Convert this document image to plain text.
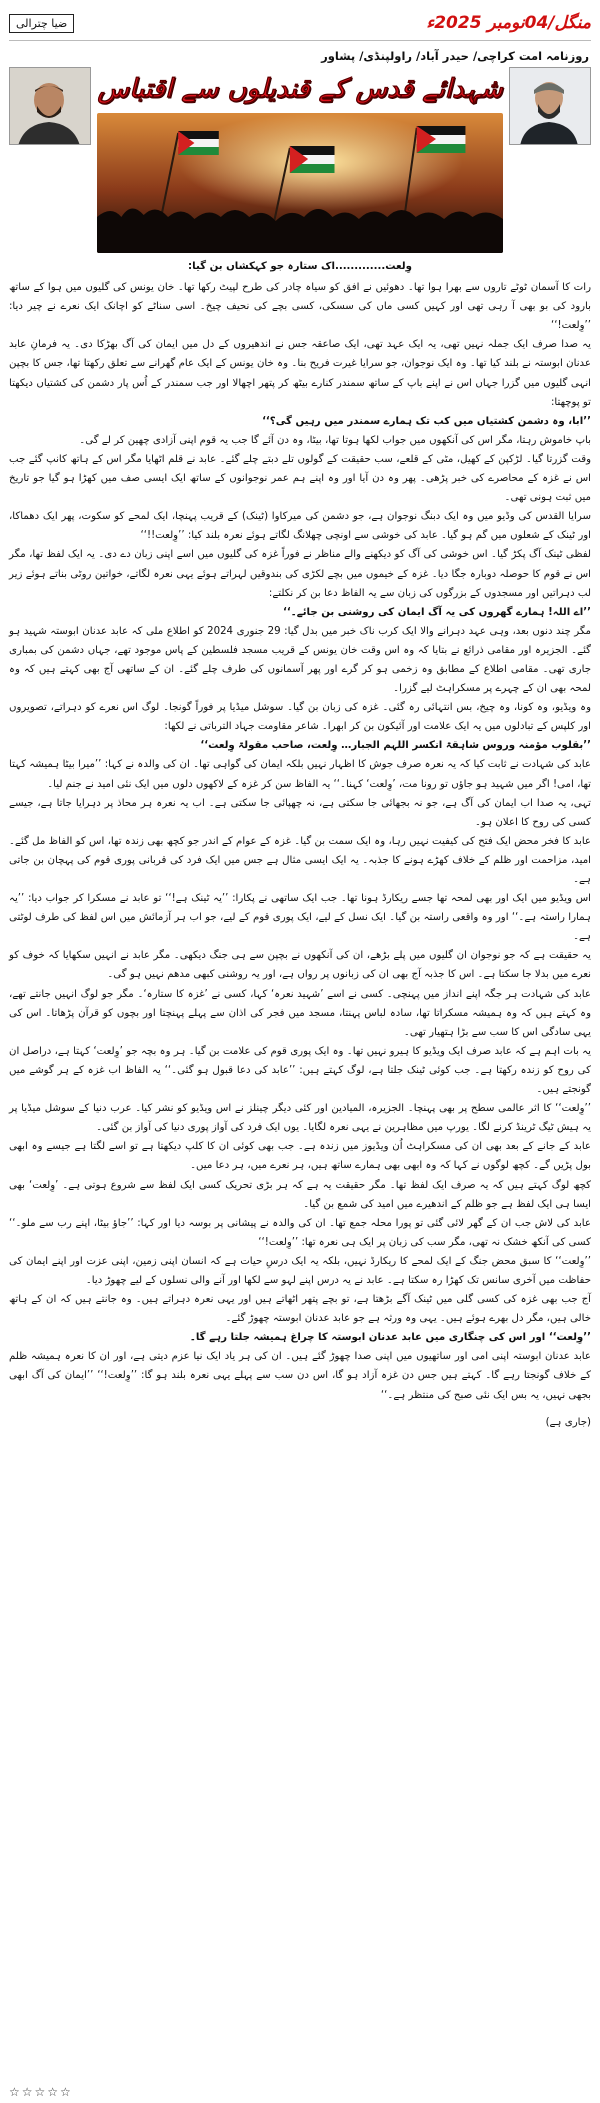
منگل/04نومبر 2025ء
ضیا چترالی
روزنامہ امت کراچی/ حیدر آباد/ راولپنڈی/ پشاور
شہدائے قدس کے قندیلوں سے اقتباس

وِلعت.............اک ستارہ جو کہکشاں بن گیا:

رات کا آسمان ٹوٹے تاروں سے بھرا ہوا تھا۔ دھوئیں نے افق کو سیاہ چادر کی طرح لپیٹ رکھا تھا۔ خان یونس کی گلیوں میں ہوا کے ساتھ بارود کی بو بھی آ رہی تھی اور کہیں کسی ماں کی سسکی، کسی بچے کی نحیف چیخ۔ اسی سناٹے کو اچانک ایک نعرے نے چیر دیا: ’’وِلعت!‘‘

یہ صدا صرف ایک جملہ نہیں تھی، یہ ایک عہد تھی، ایک صاعقہ جس نے اندھیروں کے دل میں ایمان کی آگ بھڑکا دی۔ یہ فرمانِ عابد عدنان ابوستہ نے بلند کیا تھا۔ وہ ایک نوجوان، جو سرایا غیرت فریح بنا۔ وہ خان یونس کے ایک عام گھرانے سے تعلق رکھتا تھا، جس کا بچپن انہی گلیوں میں گزرا جہاں اس نے اپنے باپ کے ساتھ سمندر کنارے بیٹھ کر پتھر اچھالا اور جب سمندر کے اُس پار دشمن کی کشتیاں دیکھتا تو پوچھتا:

’’ابا، وہ دشمن کشتیاں میں کب تک ہمارے سمندر میں رہیں گی؟‘‘

باپ خاموش رہتا، مگر اس کی آنکھوں میں جواب لکھا ہوتا تھا، بیٹا، وہ دن آئے گا جب یہ قوم اپنی آزادی چھین کر لے گی۔

وقت گزرتا گیا۔ لڑکپن کے کھیل، مٹی کے قلعے، سب حقیقت کے گولوں تلے دبتے چلے گئے۔ عابد نے قلم اٹھایا مگر اس کے ہاتھ کانپ گئے جب اس نے غزہ کے محاصرے کی خبر پڑھی۔ پھر وہ دن آیا اور وہ اپنے ہم عمر نوجوانوں کے ساتھ ایک ایسی صف میں کھڑا ہو گیا جو تاریخ میں ثبت ہونی تھی۔

سرایا القدس کی وڈیو میں وہ ایک دبنگ نوجوان ہے، جو دشمن کی میرکاوا (ٹینک) کے قریب پہنچا، ایک لمحے کو سکوت، پھر ایک دھماکا، اور ٹینک کے شعلوں میں گم ہو گیا۔ عابد کی خوشی سے اونچی چھلانگ لگاتے ہوئے نعرہ بلند کیا: ’’وِلعت!!‘‘

لفظی ٹینک آگ پکڑ گیا۔ اس خوشی کی آگ کو دیکھنے والے مناظر نے فوراً غزہ کی گلیوں میں اسے اپنی زبان دے دی۔ یہ ایک لفظ تھا، مگر اس نے قوم کا حوصلہ دوبارہ جگا دیا۔ غزہ کے خیموں میں بچے لکڑی کی بندوقیں لہراتے ہوئے یہی نعرہ لگاتے، خواتین روٹی بناتے ہوئے زیر لب دہراتیں اور مسجدوں کے بزرگوں کی زبان سے یہ الفاظ دعا بن کر نکلتے:

’’اے اللہ! ہمارے گھروں کی یہ آگ ایمان کی روشنی بن جائے۔‘‘

مگر چند دنوں بعد، وہی عہد دہرانے والا ایک کرب ناک خبر میں بدل گیا: 29 جنوری 2024 کو اطلاع ملی کہ عابد عدنان ابوستہ شہید ہو گئے۔ الجزیرہ اور مقامی ذرائع نے بتایا کہ وہ اس وقت خان یونس کے قریب مسجد فلسطین کے پاس موجود تھے، جہاں دشمن کی بمباری جاری تھی۔ مقامی اطلاع کے مطابق وہ زخمی ہو کر گرے اور پھر آسمانوں کی طرف چلے گئے۔ ان کے ساتھی آج بھی کہتے ہیں کہ وہ لمحہ بھی ان کے چہرے پر مسکراہٹ لیے گزرا۔

وہ ویڈیو، وہ کونا، وہ چیخ، بس انتہائی رہ گئی۔ غزہ کی زبان بن گیا۔ سوشل میڈیا پر فوراً گونجا۔ لوگ اس نعرے کو دہراتے، تصویروں اور کلپس کے تبادلوں میں یہ ایک علامت اور آئیکون بن کر ابھرا۔ شاعر مقاومت جہاد الترباتی نے لکھا:

’’بقلوب مؤمنہ وروس شاہقۃ انکسر اللہم الجبار… وِلعت، صاحب مقولۃ وِلعت‘‘

عابد کی شہادت نے ثابت کیا کہ یہ نعرہ صرف جوش کا اظہار نہیں بلکہ ایمان کی گواہی تھا۔ ان کی والدہ نے کہا: ’’میرا بیٹا ہمیشہ کہتا تھا، امی! اگر میں شہید ہو جاؤں تو رونا مت، ’وِلعت‘ کہنا۔‘‘ یہ الفاظ سن کر غزہ کے لاکھوں دلوں میں ایک نئی امید نے جنم لیا۔

تہی، یہ صدا اب ایمان کی آگ ہے، جو نہ بجھائی جا سکتی ہے، نہ چھپائی جا سکتی ہے۔ اب یہ نعرہ ہر محاذ پر دہرایا جاتا ہے، جیسے کسی کی روح کا اعلان ہو۔

عابد کا فخر محض ایک فتح کی کیفیت نہیں رہا، وہ ایک سمت بن گیا۔ غزہ کے عوام کے اندر جو کچھ بھی زندہ تھا، اس کو الفاظ مل گئے۔ امید، مزاحمت اور ظلم کے خلاف کھڑے ہونے کا جذبہ۔ یہ ایک ایسی مثال ہے جس میں ایک فرد کی قربانی پوری قوم کی پہچان بن جاتی ہے۔

اس ویڈیو میں ایک اور بھی لمحہ تھا جسے ریکارڈ ہونا تھا۔ جب ایک ساتھی نے پکارا: ’’یہ ٹینک ہے!‘‘ تو عابد نے مسکرا کر جواب دیا: ’’یہ ہمارا راستہ ہے۔‘‘ اور وہ واقعی راستہ بن گیا۔ ایک نسل کے لیے، ایک پوری قوم کے لیے، جو اب ہر آزمائش میں اس لفظ کی طرف لوٹتی ہے۔

یہ حقیقت ہے کہ جو نوجوان ان گلیوں میں پلے بڑھے، ان کی آنکھوں نے بچپن سے ہی جنگ دیکھی۔ مگر عابد نے انہیں سکھایا کہ خوف کو نعرے میں بدلا جا سکتا ہے۔ اس کا جذبہ آج بھی ان کی زبانوں پر رواں ہے، اور یہ روشنی کبھی مدھم نہیں ہو گی۔

عابد کی شہادت ہر جگہ اپنے انداز میں پہنچی۔ کسی نے اسے ’شہید نعرہ‘ کہا، کسی نے ’غزہ کا ستارہ‘۔ مگر جو لوگ انہیں جانتے تھے، وہ کہتے ہیں کہ وہ ہمیشہ مسکراتا تھا، سادہ لباس پہنتا، مسجد میں فجر کی اذان سے پہلے پہنچتا اور بچوں کو قرآن پڑھاتا۔ اس کی یہی سادگی اس کا سب سے بڑا ہتھیار تھی۔

یہ بات اہم ہے کہ عابد صرف ایک ویڈیو کا ہیرو نہیں تھا۔ وہ ایک پوری قوم کی علامت بن گیا۔ ہر وہ بچہ جو ’وِلعت‘ کہتا ہے، دراصل ان کی روح کو زندہ رکھتا ہے۔ جب کوئی ٹینک جلتا ہے، لوگ کہتے ہیں: ’’عابد کی دعا قبول ہو گئی۔‘‘ یہ الفاظ اب غزہ کے ہر گوشے میں گونجتے ہیں۔

’’وِلعت‘‘ کا اثر عالمی سطح پر بھی پہنچا۔ الجزیرہ، المیادین اور کئی دیگر چینلز نے اس ویڈیو کو نشر کیا۔ عرب دنیا کے سوشل میڈیا پر یہ ہیش ٹیگ ٹرینڈ کرنے لگا۔ یورپ میں مظاہرین نے یہی نعرہ لگایا۔ یوں ایک فرد کی آواز پوری دنیا کی آواز بن گئی۔

عابد کے جانے کے بعد بھی ان کی مسکراہٹ اُن ویڈیوز میں زندہ ہے۔ جب بھی کوئی ان کا کلپ دیکھتا ہے تو اسے لگتا ہے جیسے وہ ابھی بول پڑیں گے۔ کچھ لوگوں نے کہا کہ وہ ابھی بھی ہمارے ساتھ ہیں، ہر نعرے میں، ہر دعا میں۔

کچھ لوگ کہتے ہیں کہ یہ صرف ایک لفظ تھا۔ مگر حقیقت یہ ہے کہ ہر بڑی تحریک کسی ایک لفظ سے شروع ہوتی ہے۔ ’وِلعت‘ بھی ایسا ہی ایک لفظ ہے جو ظلم کے اندھیرے میں امید کی شمع بن گیا۔

عابد کی لاش جب ان کے گھر لائی گئی تو پورا محلہ جمع تھا۔ ان کی والدہ نے پیشانی پر بوسہ دیا اور کہا: ’’جاؤ بیٹا، اپنے رب سے ملو۔‘‘ کسی کی آنکھ خشک نہ تھی، مگر سب کی زبان پر ایک ہی نعرہ تھا: ’’وِلعت!‘‘

’’وِلعت‘‘ کا سبق محض جنگ کے ایک لمحے کا ریکارڈ نہیں، بلکہ یہ ایک درسِ حیات ہے کہ انسان اپنی زمین، اپنی عزت اور اپنے ایمان کی حفاظت میں آخری سانس تک کھڑا رہ سکتا ہے۔ عابد نے یہ درس اپنے لہو سے لکھا اور آنے والی نسلوں کے لیے چھوڑ دیا۔

آج جب بھی غزہ کی کسی گلی میں ٹینک آگے بڑھتا ہے، تو بچے پتھر اٹھاتے ہیں اور یہی نعرہ دہراتے ہیں۔ وہ جانتے ہیں کہ ان کے ہاتھ خالی ہیں، مگر دل بھرے ہوئے ہیں۔ یہی وہ ورثہ ہے جو عابد عدنان ابوستہ چھوڑ گئے۔

’’وِلعت‘‘ اور اس کی چنگاری میں عابد عدنان ابوستہ کا چراغ ہمیشہ جلتا رہے گا۔

عابد عدنان ابوستہ اپنی امی اور ساتھیوں میں اپنی صدا چھوڑ گئے ہیں۔ ان کی ہر یاد ایک نیا عزم دیتی ہے، اور ان کا نعرہ ہمیشہ ظلم کے خلاف گونجتا رہے گا۔ کہتے ہیں جس دن غزہ آزاد ہو گا، اس دن سب سے پہلے یہی نعرہ بلند ہو گا: ’’وِلعت!‘‘ ’’ایمان کی آگ ابھی بجھی نہیں، یہ بس ایک نئی صبح کی منتظر ہے۔‘‘

(جاری ہے)

☆☆☆☆☆
